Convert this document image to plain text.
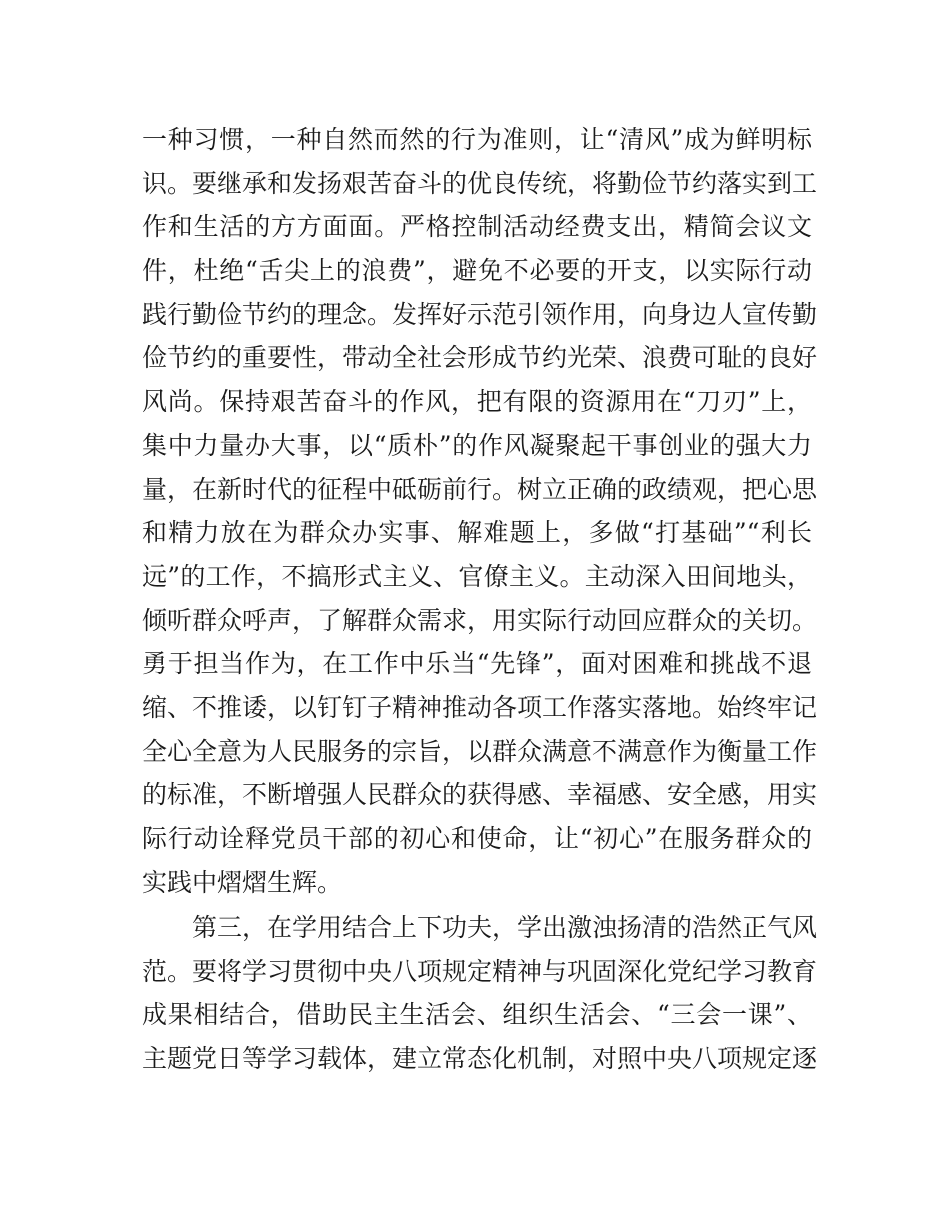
一种习惯，一种自然而然的行为准则，让“清风”成为鲜明标
识。要继承和发扬艰苦奋斗的优良传统，将勤俭节约落实到工
作和生活的方方面面。严格控制活动经费支出，精简会议文
件，杜绝“舌尖上的浪费”，避免不必要的开支，以实际行动
践行勤俭节约的理念。发挥好示范引领作用，向身边人宣传勤
俭节约的重要性，带动全社会形成节约光荣、浪费可耻的良好
风尚。保持艰苦奋斗的作风，把有限的资源用在“刀刃”上，
集中力量办大事，以“质朴”的作风凝聚起干事创业的强大力
量，在新时代的征程中砥砺前行。树立正确的政绩观，把心思
和精力放在为群众办实事、解难题上，多做“打基础”“利长
远”的工作，不搞形式主义、官僚主义。主动深入田间地头，
倾听群众呼声，了解群众需求，用实际行动回应群众的关切。
勇于担当作为，在工作中乐当“先锋”，面对困难和挑战不退
缩、不推诿，以钉钉子精神推动各项工作落实落地。始终牢记
全心全意为人民服务的宗旨，以群众满意不满意作为衡量工作
的标准，不断增强人民群众的获得感、幸福感、安全感，用实
际行动诠释党员干部的初心和使命，让“初心”在服务群众的
实践中熠熠生辉。
第三，在学用结合上下功夫，学出激浊扬清的浩然正气风
范。要将学习贯彻中央八项规定精神与巩固深化党纪学习教育
成果相结合，借助民主生活会、组织生活会、“三会一课”、
主题党日等学习载体，建立常态化机制，对照中央八项规定逐
